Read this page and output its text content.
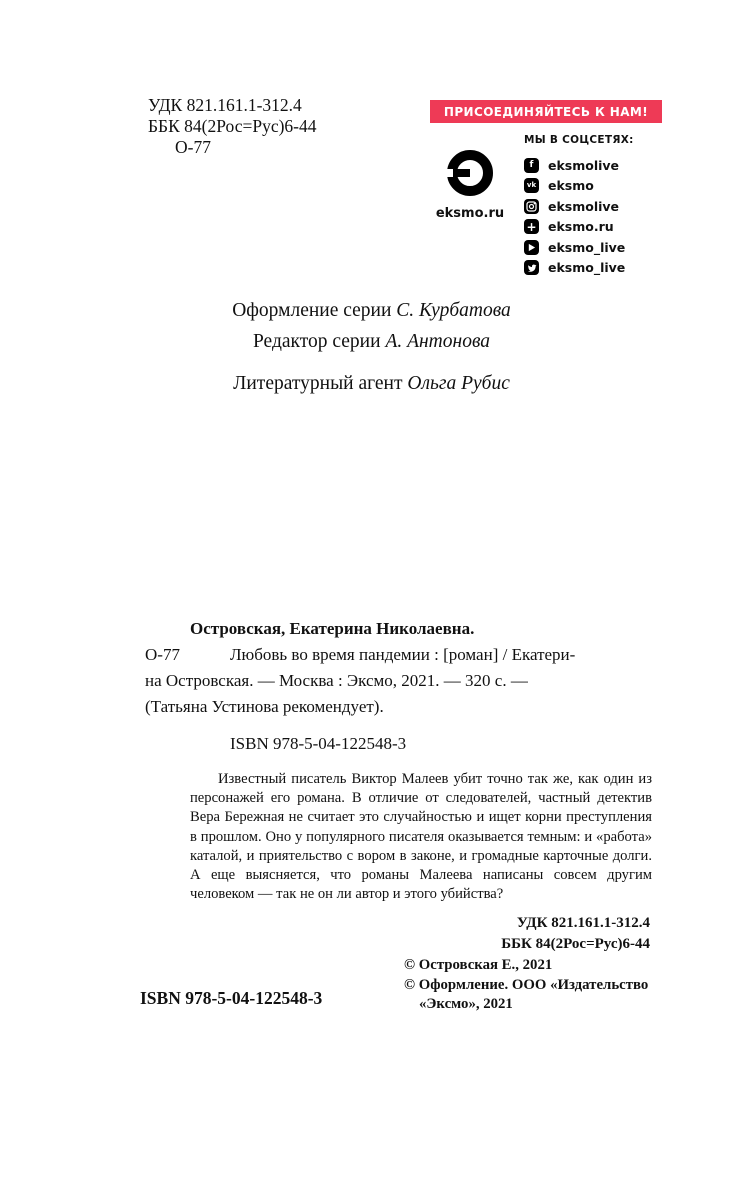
УДК 821.161.1-312.4
ББК 84(2Рос=Рус)6-44
О-77
ПРИСОЕДИНЯЙТЕСЬ К НАМ!
eksmo.ru
МЫ В СОЦСЕТЯХ:
f	eksmolive
vk eksmo
eksmolive
+ eksmo.ru
eksmo_live
eksmo_live
Оформление серии С. Курбатова
Редактор серии А. Антонова
Литературный агент Ольга Рубис
Островская, Екатерина Николаевна.
О-77	Любовь во время пандемии : [роман] / Екатери-
на Островская. — Москва : Эксмо, 2021. — 320 с. —
(Татьяна Устинова рекомендует).
ISBN 978-5-04-122548-3
Известный писатель Виктор Малеев убит точно так же, как один из персонажей его романа. В отличие от следователей, частный детектив Вера Бережная не считает это случайностью и ищет корни преступления в прошлом. Оно у популярного писателя оказывается темным: и «работа» каталой, и приятельство с вором в законе, и громадные карточные долги. А еще выясняется, что романы Малеева написаны совсем другим человеком — так не он ли автор и этого убийства?
УДК 821.161.1-312.4
ББК 84(2Рос=Рус)6-44
ISBN 978-5-04-122548-3
© Островская Е., 2021
© Оформление. ООО «Издательство
«Эксмо», 2021
